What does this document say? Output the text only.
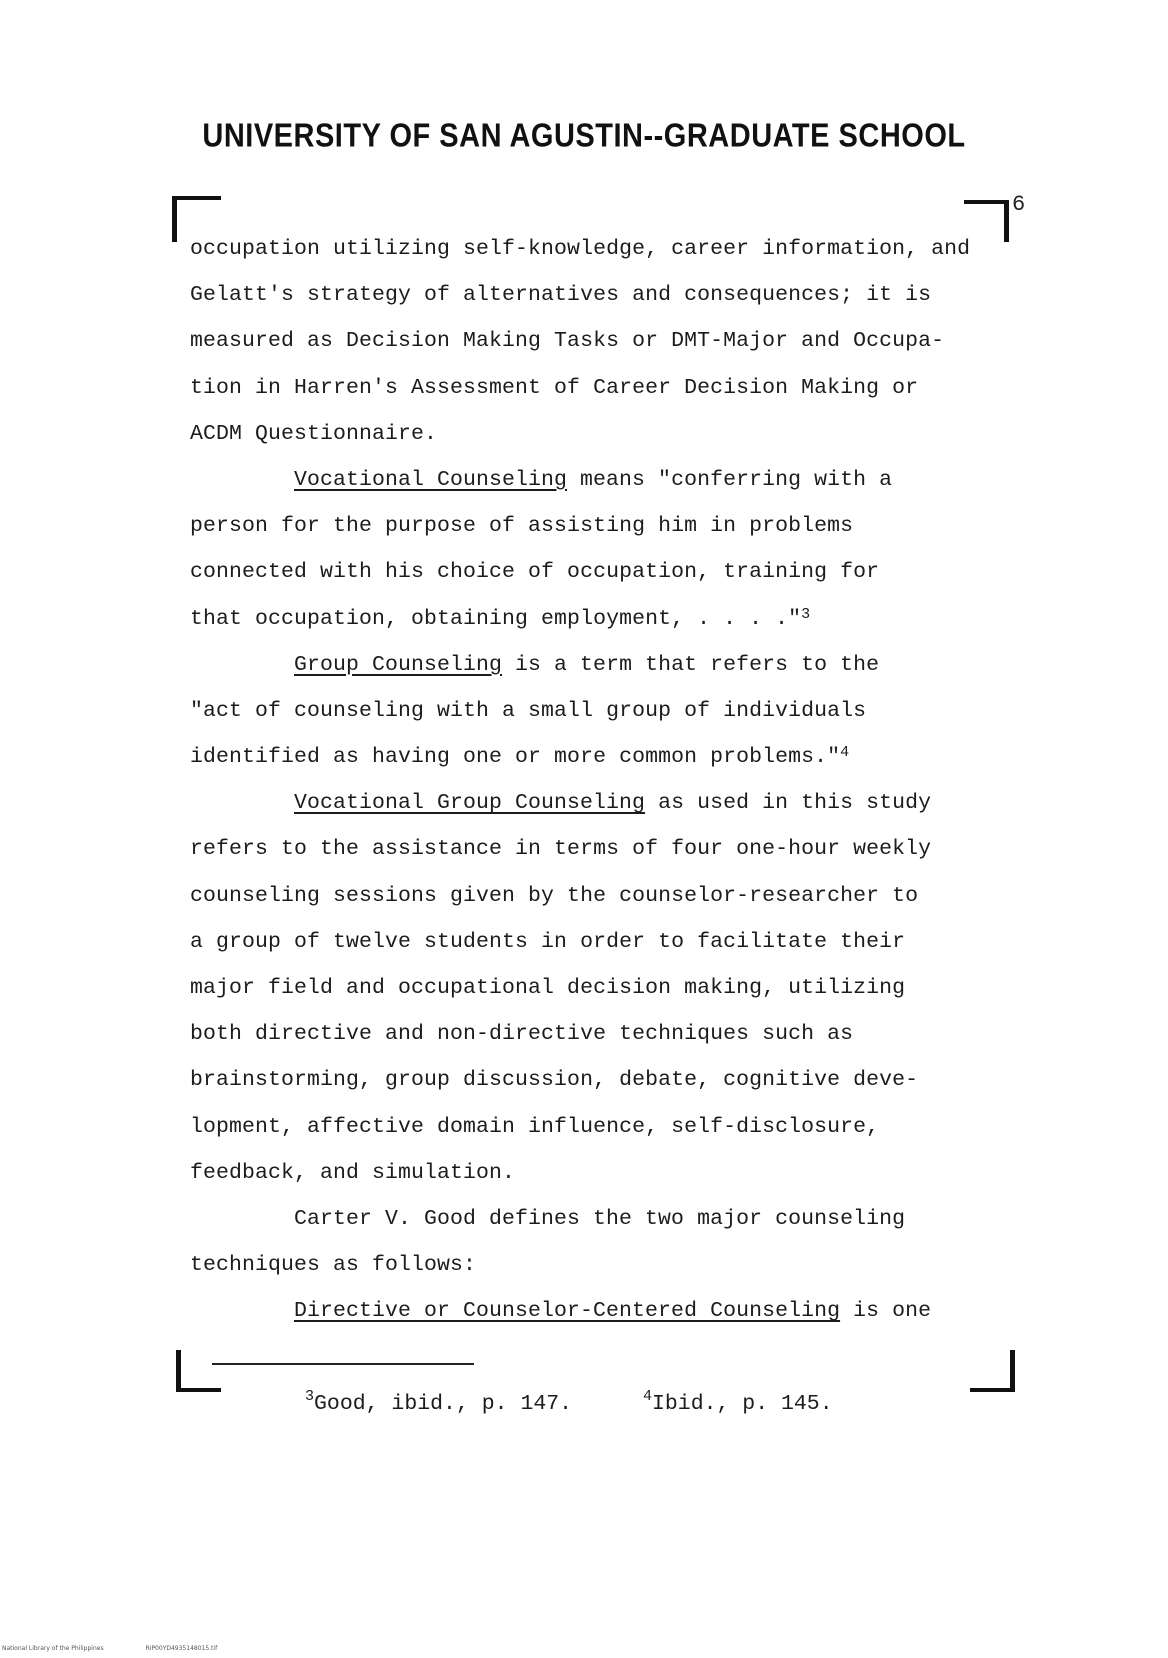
UNIVERSITY OF SAN AGUSTIN--GRADUATE SCHOOL
6
occupation utilizing self-knowledge, career information, and
Gelatt's strategy of alternatives and consequences; it is
measured as Decision Making Tasks or DMT-Major and Occupa-
tion in Harren's Assessment of Career Decision Making or
ACDM Questionnaire.
Vocational Counseling means "conferring with a
person for the purpose of assisting him in problems
connected with his choice of occupation, training for
that occupation, obtaining employment, . . . ."$^3$
Group Counseling is a term that refers to the
"act of counseling with a small group of individuals
identified as having one or more common problems."$^4$
Vocational Group Counseling as used in this study
refers to the assistance in terms of four one-hour weekly
counseling sessions given by the counselor-researcher to
a group of twelve students in order to facilitate their
major field and occupational decision making, utilizing
both directive and non-directive techniques such as
brainstorming, group discussion, debate, cognitive deve-
lopment, affective domain influence, self-disclosure,
feedback, and simulation.
Carter V. Good defines the two major counseling
techniques as follows:
Directive or Counselor-Centered Counseling is one
$^3$Good, ibid., p. 147.	$^4$Ibid., p. 145.
National Library of the Philippines	RIP00YD4935148015.tif
